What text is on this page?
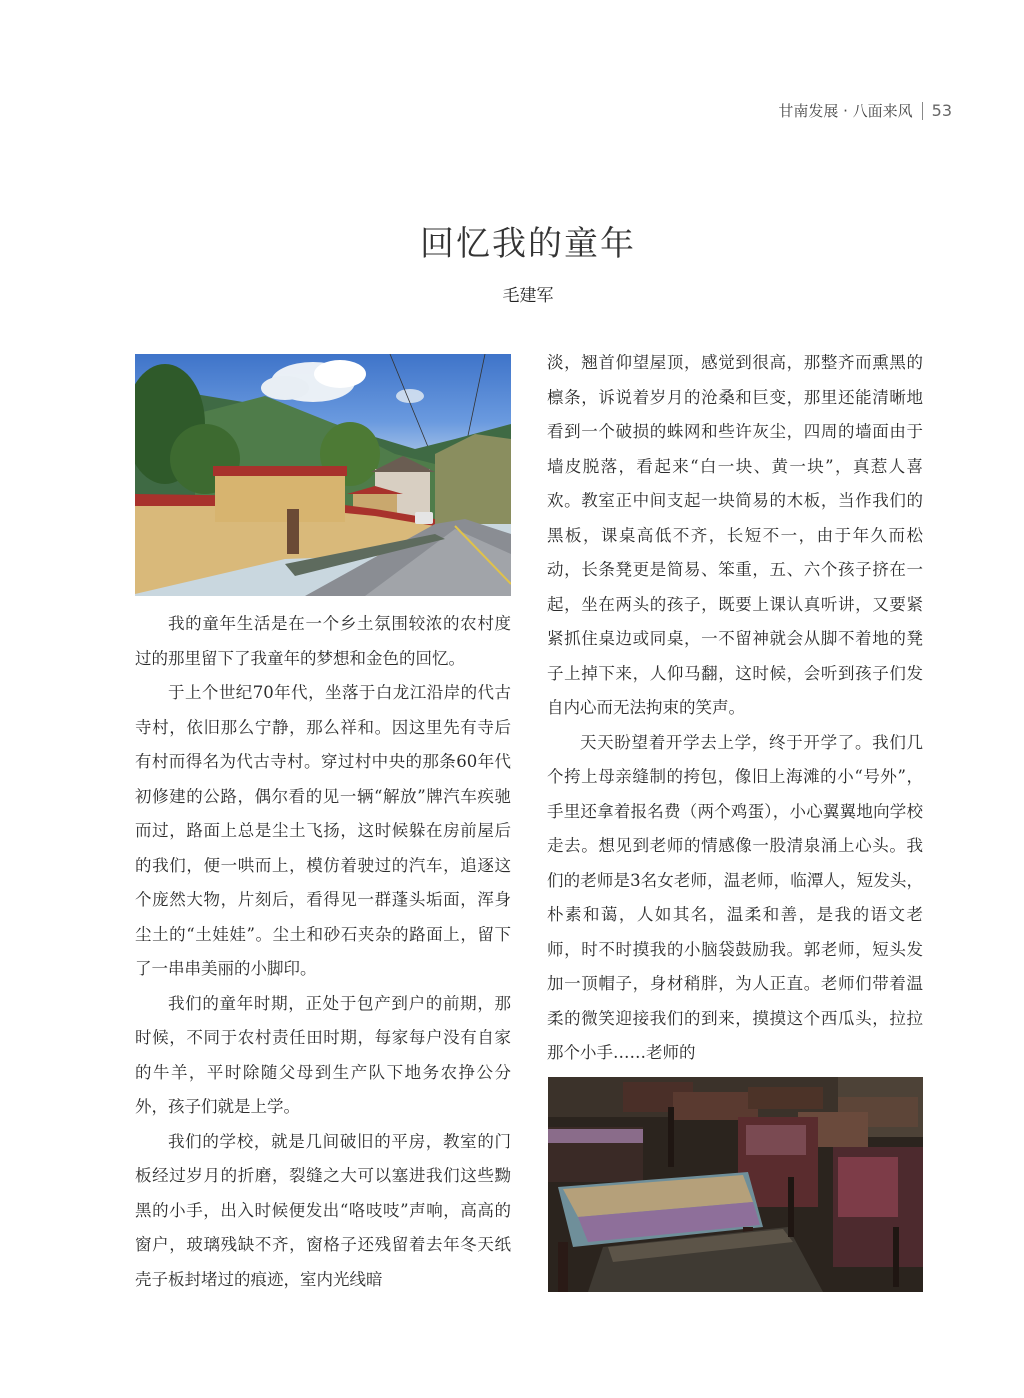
甘南发展 · 八面来风 53
回忆我的童年
毛建军

我的童年生活是在一个乡土氛围较浓的农村度过的那里留下了我童年的梦想和金色的回忆。

于上个世纪70年代，坐落于白龙江沿岸的代古寺村，依旧那么宁静，那么祥和。因这里先有寺后有村而得名为代古寺村。穿过村中央的那条60年代初修建的公路，偶尔看的见一辆“解放”牌汽车疾驰而过，路面上总是尘土飞扬，这时候躲在房前屋后的我们，便一哄而上，模仿着驶过的汽车，追逐这个庞然大物，片刻后，看得见一群蓬头垢面，浑身尘土的“土娃娃”。尘土和砂石夹杂的路面上，留下了一串串美丽的小脚印。

我们的童年时期，正处于包产到户的前期，那时候，不同于农村责任田时期，每家每户没有自家的牛羊，平时除随父母到生产队下地务农挣公分外，孩子们就是上学。

我们的学校，就是几间破旧的平房，教室的门板经过岁月的折磨，裂缝之大可以塞进我们这些黝黑的小手，出入时候便发出“咯吱吱”声响，高高的窗户，玻璃残缺不齐，窗格子还残留着去年冬天纸壳子板封堵过的痕迹，室内光线暗

淡，翘首仰望屋顶，感觉到很高，那整齐而熏黑的檩条，诉说着岁月的沧桑和巨变，那里还能清晰地看到一个破损的蛛网和些许灰尘，四周的墙面由于墙皮脱落，看起来“白一块、黄一块”，真惹人喜欢。教室正中间支起一块简易的木板，当作我们的黑板，课桌高低不齐，长短不一，由于年久而松动，长条凳更是简易、笨重，五、六个孩子挤在一起，坐在两头的孩子，既要上课认真听讲，又要紧紧抓住桌边或同桌，一不留神就会从脚不着地的凳子上掉下来，人仰马翻，这时候，会听到孩子们发自内心而无法拘束的笑声。

天天盼望着开学去上学，终于开学了。我们几个挎上母亲缝制的挎包，像旧上海滩的小“号外”，手里还拿着报名费（两个鸡蛋），小心翼翼地向学校走去。想见到老师的情感像一股清泉涌上心头。我们的老师是3名女老师，温老师，临潭人，短发头，朴素和蔼，人如其名，温柔和善，是我的语文老师，时不时摸我的小脑袋鼓励我。郭老师，短头发加一顶帽子，身材稍胖，为人正直。老师们带着温柔的微笑迎接我们的到来，摸摸这个西瓜头，拉拉那个小手……老师的
